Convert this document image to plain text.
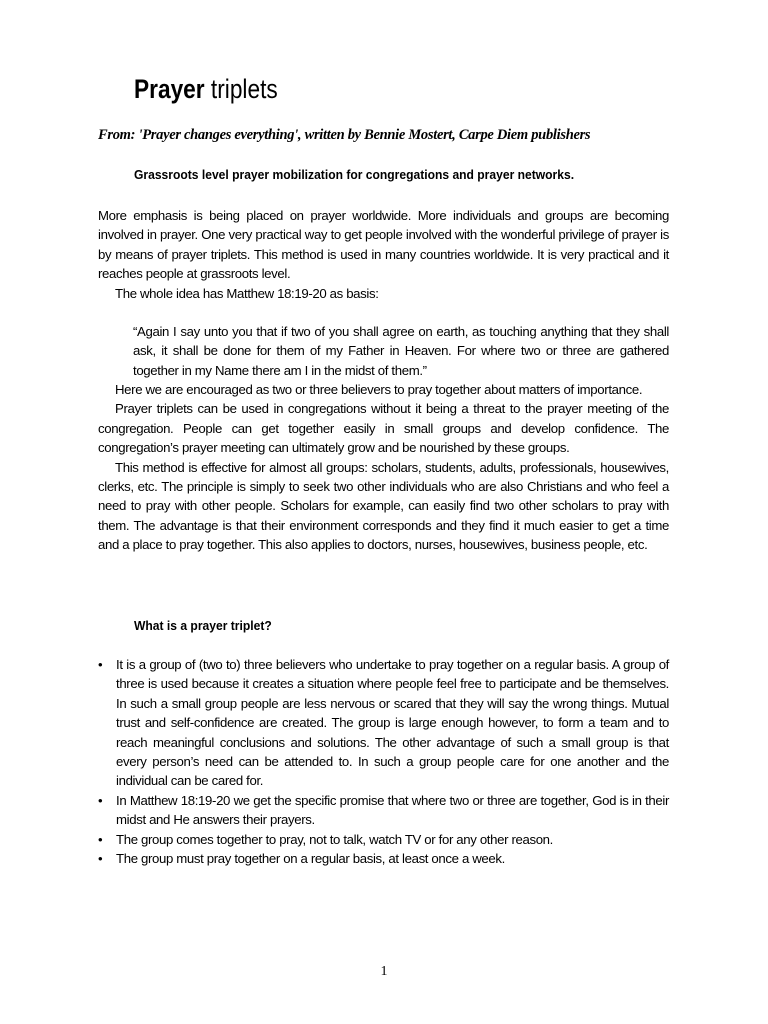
Prayer triplets
From: 'Prayer changes everything', written by Bennie Mostert, Carpe Diem publishers
Grassroots level prayer mobilization for congregations and prayer networks.

More emphasis is being placed on prayer worldwide. More individuals and groups are becoming involved in prayer. One very practical way to get people involved with the wonderful privilege of prayer is by means of prayer triplets. This method is used in many countries worldwide. It is very practical and it reaches people at grassroots level.

The whole idea has Matthew 18:19-20 as basis:

“Again I say unto you that if two of you shall agree on earth, as touching anything that they shall ask, it shall be done for them of my Father in Heaven. For where two or three are gathered together in my Name there am I in the midst of them.”

Here we are encouraged as two or three believers to pray together about matters of importance.

Prayer triplets can be used in congregations without it being a threat to the prayer meeting of the congregation. People can get together easily in small groups and develop confidence. The congregation’s prayer meeting can ultimately grow and be nourished by these groups.

This method is effective for almost all groups: scholars, students, adults, professionals, housewives, clerks, etc. The principle is simply to seek two other individuals who are also Christians and who feel a need to pray with other people. Scholars for example, can easily find two other scholars to pray with them. The advantage is that their environment corresponds and they find it much easier to get a time and a place to pray together. This also applies to doctors, nurses, housewives, business people, etc.

What is a prayer triplet?
• It is a group of (two to) three believers who undertake to pray together on a regular basis. A group of three is used because it creates a situation where people feel free to participate and be themselves. In such a small group people are less nervous or scared that they will say the wrong things. Mutual trust and self-confidence are created. The group is large enough however, to form a team and to reach meaningful conclusions and solutions. The other advantage of such a small group is that every person’s need can be attended to. In such a group people care for one another and the individual can be cared for.
• In Matthew 18:19-20 we get the specific promise that where two or three are together, God is in their midst and He answers their prayers.
• The group comes together to pray, not to talk, watch TV or for any other reason.
• The group must pray together on a regular basis, at least once a week.
1
